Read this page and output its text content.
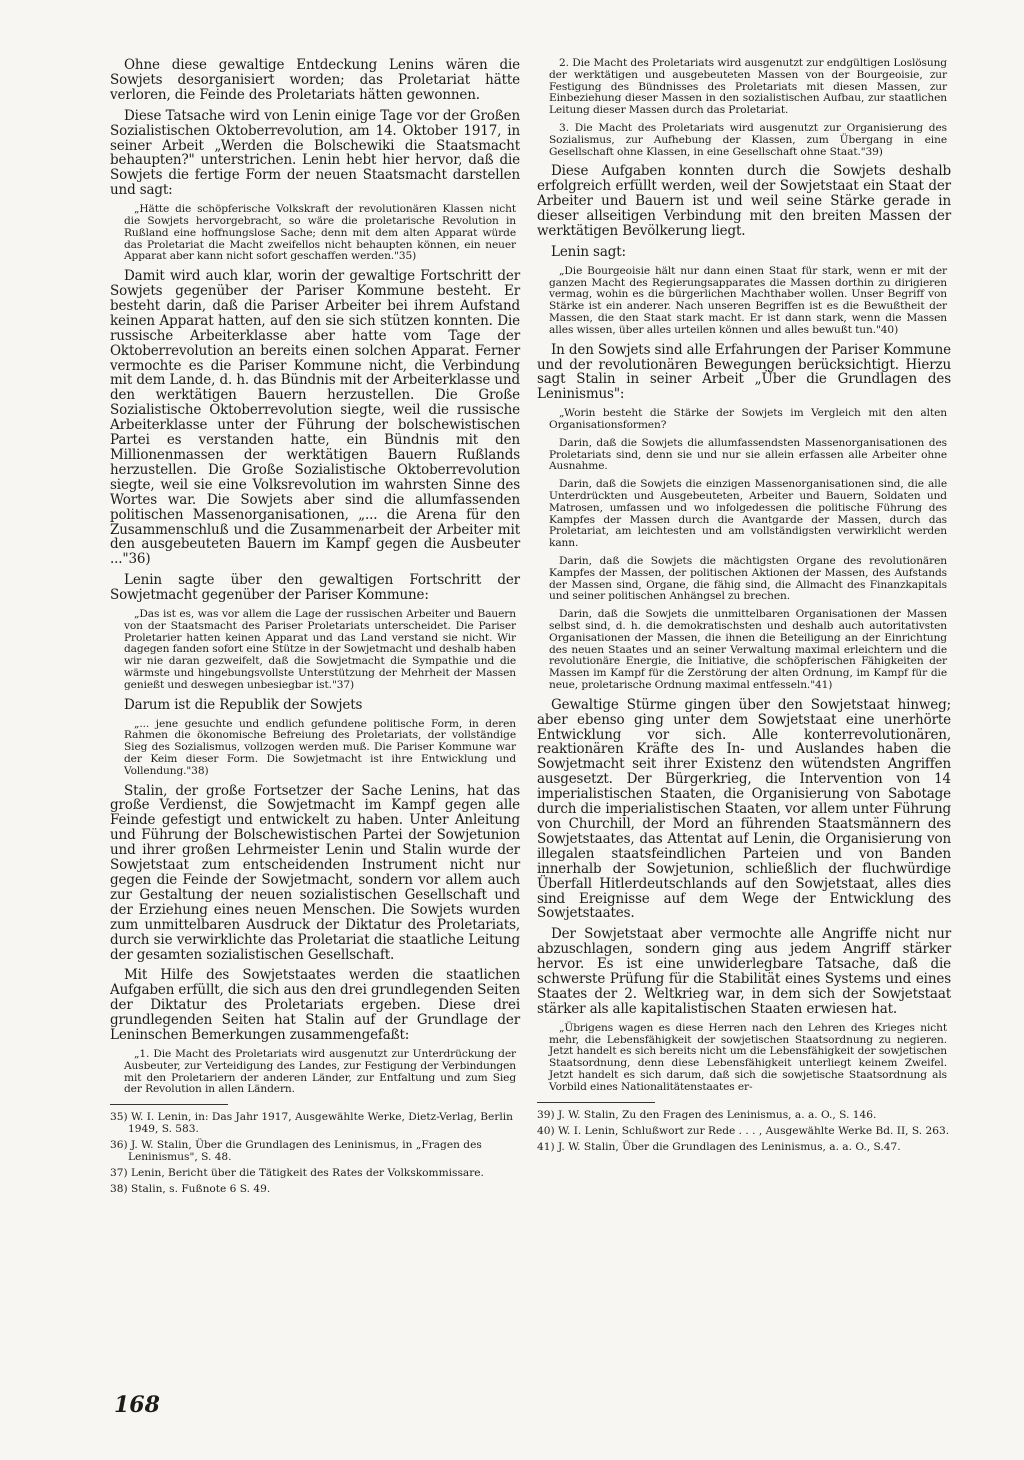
Ohne diese gewaltige Entdeckung Lenins wären die Sowjets desorganisiert worden; das Proletariat hätte verloren, die Feinde des Proletariats hätten gewonnen.

Diese Tatsache wird von Lenin einige Tage vor der Großen Sozialistischen Oktoberrevolution, am 14. Oktober 1917, in seiner Arbeit „Werden die Bolschewiki die Staatsmacht behaupten?" unterstrichen. Lenin hebt hier hervor, daß die Sowjets die fertige Form der neuen Staatsmacht darstellen und sagt:

„Hätte die schöpferische Volkskraft der revolutionären Klassen nicht die Sowjets hervorgebracht, so wäre die proletarische Revolution in Rußland eine hoffnungslose Sache; denn mit dem alten Apparat würde das Proletariat die Macht zweifellos nicht behaupten können, ein neuer Apparat aber kann nicht sofort geschaffen werden."35)

Damit wird auch klar, worin der gewaltige Fortschritt der Sowjets gegenüber der Pariser Kommune besteht. Er besteht darin, daß die Pariser Arbeiter bei ihrem Aufstand keinen Apparat hatten, auf den sie sich stützen konnten. Die russische Arbeiterklasse aber hatte vom Tage der Oktoberrevolution an bereits einen solchen Apparat. Ferner vermochte es die Pariser Kommune nicht, die Verbindung mit dem Lande, d. h. das Bündnis mit der Arbeiterklasse und den werktätigen Bauern herzustellen. Die Große Sozialistische Oktoberrevolution siegte, weil die russische Arbeiterklasse unter der Führung der bolschewistischen Partei es verstanden hatte, ein Bündnis mit den Millionenmassen der werktätigen Bauern Rußlands herzustellen. Die Große Sozialistische Oktoberrevolution siegte, weil sie eine Volksrevolution im wahrsten Sinne des Wortes war. Die Sowjets aber sind die allumfassenden politischen Massenorganisationen, „... die Arena für den Zusammenschluß und die Zusammenarbeit der Arbeiter mit den ausgebeuteten Bauern im Kampf gegen die Ausbeuter ..."36)

Lenin sagte über den gewaltigen Fortschritt der Sowjetmacht gegenüber der Pariser Kommune:

„Das ist es, was vor allem die Lage der russischen Arbeiter und Bauern von der Staatsmacht des Pariser Proletariats unterscheidet. Die Pariser Proletarier hatten keinen Apparat und das Land verstand sie nicht. Wir dagegen fanden sofort eine Stütze in der Sowjetmacht und deshalb haben wir nie daran gezweifelt, daß die Sowjetmacht die Sympathie und die wärmste und hingebungsvollste Unterstützung der Mehrheit der Massen genießt und deswegen unbesiegbar ist."37)

Darum ist die Republik der Sowjets

„... jene gesuchte und endlich gefundene politische Form, in deren Rahmen die ökonomische Befreiung des Proletariats, der vollständige Sieg des Sozialismus, vollzogen werden muß. Die Pariser Kommune war der Keim dieser Form. Die Sowjetmacht ist ihre Entwicklung und Vollendung."38)

Stalin, der große Fortsetzer der Sache Lenins, hat das große Verdienst, die Sowjetmacht im Kampf gegen alle Feinde gefestigt und entwickelt zu haben. Unter Anleitung und Führung der Bolschewistischen Partei der Sowjetunion und ihrer großen Lehrmeister Lenin und Stalin wurde der Sowjetstaat zum entscheidenden Instrument nicht nur gegen die Feinde der Sowjetmacht, sondern vor allem auch zur Gestaltung der neuen sozialistischen Gesellschaft und der Erziehung eines neuen Menschen. Die Sowjets wurden zum unmittelbaren Ausdruck der Diktatur des Proletariats, durch sie verwirklichte das Proletariat die staatliche Leitung der gesamten sozialistischen Gesellschaft.

Mit Hilfe des Sowjetstaates werden die staatlichen Aufgaben erfüllt, die sich aus den drei grundlegenden Seiten der Diktatur des Proletariats ergeben. Diese drei grundlegenden Seiten hat Stalin auf der Grundlage der Leninschen Bemerkungen zusammengefaßt:

„1. Die Macht des Proletariats wird ausgenutzt zur Unterdrückung der Ausbeuter, zur Verteidigung des Landes, zur Festigung der Verbindungen mit den Proletariern der anderen Länder, zur Entfaltung und zum Sieg der Revolution in allen Ländern.

35) W. I. Lenin, in: Das Jahr 1917, Ausgewählte Werke, Dietz-Verlag, Berlin 1949, S. 583.

36) J. W. Stalin, Über die Grundlagen des Leninismus, in „Fragen des Leninismus", S. 48.

37) Lenin, Bericht über die Tätigkeit des Rates der Volkskommissare.

38) Stalin, s. Fußnote 6 S. 49.

2. Die Macht des Proletariats wird ausgenutzt zur endgültigen Loslösung der werktätigen und ausgebeuteten Massen von der Bourgeoisie, zur Festigung des Bündnisses des Proletariats mit diesen Massen, zur Einbeziehung dieser Massen in den sozialistischen Aufbau, zur staatlichen Leitung dieser Massen durch das Proletariat.

3. Die Macht des Proletariats wird ausgenutzt zur Organisierung des Sozialismus, zur Aufhebung der Klassen, zum Übergang in eine Gesellschaft ohne Klassen, in eine Gesellschaft ohne Staat."39)

Diese Aufgaben konnten durch die Sowjets deshalb erfolgreich erfüllt werden, weil der Sowjetstaat ein Staat der Arbeiter und Bauern ist und weil seine Stärke gerade in dieser allseitigen Verbindung mit den breiten Massen der werktätigen Bevölkerung liegt.

Lenin sagt:

„Die Bourgeoisie hält nur dann einen Staat für stark, wenn er mit der ganzen Macht des Regierungsapparates die Massen dorthin zu dirigieren vermag, wohin es die bürgerlichen Machthaber wollen. Unser Begriff von Stärke ist ein anderer. Nach unseren Begriffen ist es die Bewußtheit der Massen, die den Staat stark macht. Er ist dann stark, wenn die Massen alles wissen, über alles urteilen können und alles bewußt tun."40)

In den Sowjets sind alle Erfahrungen der Pariser Kommune und der revolutionären Bewegungen berücksichtigt. Hierzu sagt Stalin in seiner Arbeit „Über die Grundlagen des Leninismus":

„Worin besteht die Stärke der Sowjets im Vergleich mit den alten Organisationsformen?

Darin, daß die Sowjets die allumfassendsten Massenorganisationen des Proletariats sind, denn sie und nur sie allein erfassen alle Arbeiter ohne Ausnahme.

Darin, daß die Sowjets die einzigen Massenorganisationen sind, die alle Unterdrückten und Ausgebeuteten, Arbeiter und Bauern, Soldaten und Matrosen, umfassen und wo infolgedessen die politische Führung des Kampfes der Massen durch die Avantgarde der Massen, durch das Proletariat, am leichtesten und am vollständigsten verwirklicht werden kann.

Darin, daß die Sowjets die mächtigsten Organe des revolutionären Kampfes der Massen, der politischen Aktionen der Massen, des Aufstands der Massen sind, Organe, die fähig sind, die Allmacht des Finanzkapitals und seiner politischen Anhängsel zu brechen.

Darin, daß die Sowjets die unmittelbaren Organisationen der Massen selbst sind, d. h. die demokratischsten und deshalb auch autoritativsten Organisationen der Massen, die ihnen die Beteiligung an der Einrichtung des neuen Staates und an seiner Verwaltung maximal erleichtern und die revolutionäre Energie, die Initiative, die schöpferischen Fähigkeiten der Massen im Kampf für die Zerstörung der alten Ordnung, im Kampf für die neue, proletarische Ordnung maximal entfesseln."41)

Gewaltige Stürme gingen über den Sowjetstaat hinweg; aber ebenso ging unter dem Sowjetstaat eine unerhörte Entwicklung vor sich. Alle konterrevolutionären, reaktionären Kräfte des In- und Auslandes haben die Sowjetmacht seit ihrer Existenz den wütendsten Angriffen ausgesetzt. Der Bürgerkrieg, die Intervention von 14 imperialistischen Staaten, die Organisierung von Sabotage durch die imperialistischen Staaten, vor allem unter Führung von Churchill, der Mord an führenden Staatsmännern des Sowjetstaates, das Attentat auf Lenin, die Organisierung von illegalen staatsfeindlichen Parteien und von Banden innerhalb der Sowjetunion, schließlich der fluchwürdige Überfall Hitlerdeutschlands auf den Sowjetstaat, alles dies sind Ereignisse auf dem Wege der Entwicklung des Sowjetstaates.

Der Sowjetstaat aber vermochte alle Angriffe nicht nur abzuschlagen, sondern ging aus jedem Angriff stärker hervor. Es ist eine unwiderlegbare Tatsache, daß die schwerste Prüfung für die Stabilität eines Systems und eines Staates der 2. Weltkrieg war, in dem sich der Sowjetstaat stärker als alle kapitalistischen Staaten erwiesen hat.

„Übrigens wagen es diese Herren nach den Lehren des Krieges nicht mehr, die Lebensfähigkeit der sowjetischen Staatsordnung zu negieren. Jetzt handelt es sich bereits nicht um die Lebensfähigkeit der sowjetischen Staatsordnung, denn diese Lebensfähigkeit unterliegt keinem Zweifel. Jetzt handelt es sich darum, daß sich die sowjetische Staatsordnung als Vorbild eines Nationalitätenstaates er-

39) J. W. Stalin, Zu den Fragen des Leninismus, a. a. O., S. 146.

40) W. I. Lenin, Schlußwort zur Rede . . . , Ausgewählte Werke Bd. II, S. 263.

41) J. W. Stalin, Über die Grundlagen des Leninismus, a. a. O., S.47.

168
